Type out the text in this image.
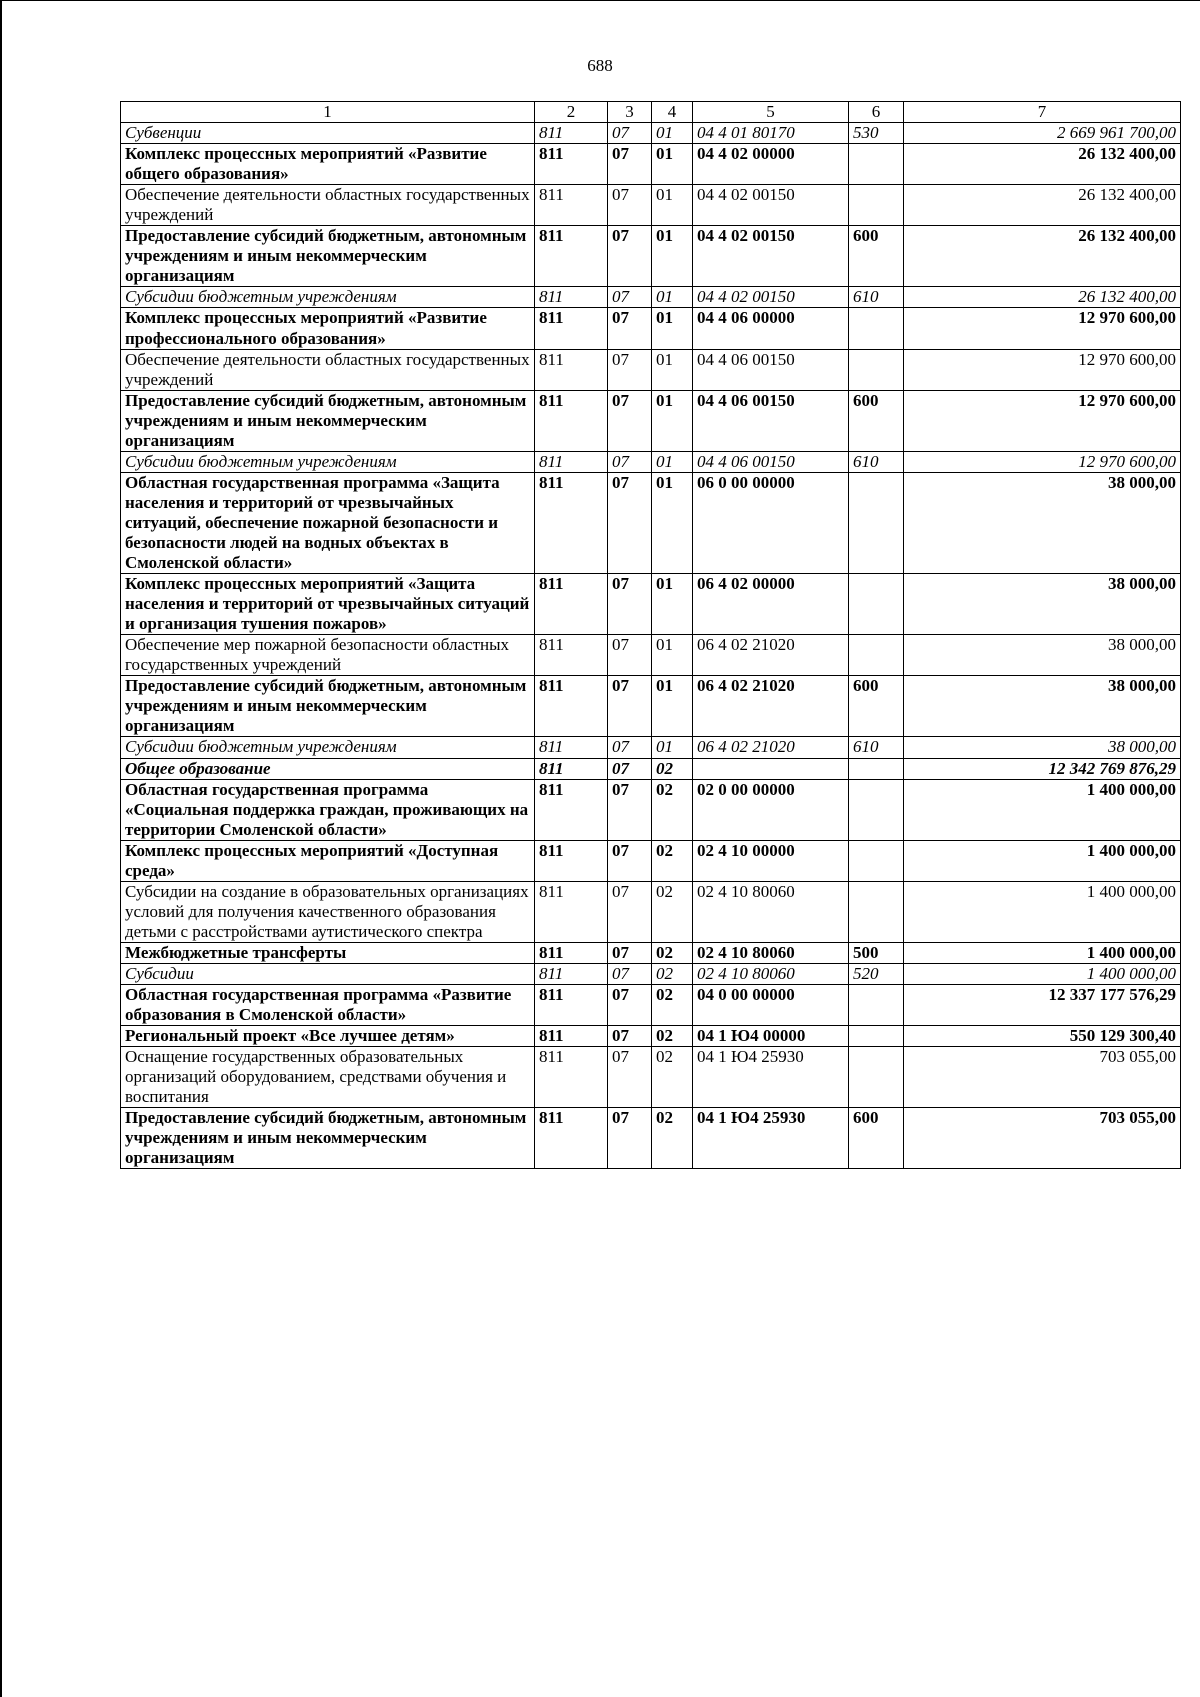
688
1	2	3	4	5	6	7
Субвенции	811	07	01	04 4 01 80170	530	2 669 961 700,00
Комплекс процессных мероприятий «Развитие общего образования»	811	07	01	04 4 02 00000		26 132 400,00
Обеспечение деятельности областных государственных учреждений	811	07	01	04 4 02 00150		26 132 400,00
Предоставление субсидий бюджетным, автономным учреждениям и иным некоммерческим организациям	811	07	01	04 4 02 00150	600	26 132 400,00
Субсидии бюджетным учреждениям	811	07	01	04 4 02 00150	610	26 132 400,00
Комплекс процессных мероприятий «Развитие профессионального образования»	811	07	01	04 4 06 00000		12 970 600,00
Обеспечение деятельности областных государственных учреждений	811	07	01	04 4 06 00150		12 970 600,00
Предоставление субсидий бюджетным, автономным учреждениям и иным некоммерческим организациям	811	07	01	04 4 06 00150	600	12 970 600,00
Субсидии бюджетным учреждениям	811	07	01	04 4 06 00150	610	12 970 600,00
Областная государственная программа «Защита населения и территорий от чрезвычайных ситуаций, обеспечение пожарной безопасности и безопасности людей на водных объектах в Смоленской области»	811	07	01	06 0 00 00000		38 000,00
Комплекс процессных мероприятий «Защита населения и территорий от чрезвычайных ситуаций и организация тушения пожаров»	811	07	01	06 4 02 00000		38 000,00
Обеспечение мер пожарной безопасности областных государственных учреждений	811	07	01	06 4 02 21020		38 000,00
Предоставление субсидий бюджетным, автономным учреждениям и иным некоммерческим организациям	811	07	01	06 4 02 21020	600	38 000,00
Субсидии бюджетным учреждениям	811	07	01	06 4 02 21020	610	38 000,00
Общее образование	811	07	02			12 342 769 876,29
Областная государственная программа «Социальная поддержка граждан, проживающих на территории Смоленской области»	811	07	02	02 0 00 00000		1 400 000,00
Комплекс процессных мероприятий «Доступная среда»	811	07	02	02 4 10 00000		1 400 000,00
Субсидии на создание в образовательных организациях условий для получения качественного образования детьми с расстройствами аутистического спектра	811	07	02	02 4 10 80060		1 400 000,00
Межбюджетные трансферты	811	07	02	02 4 10 80060	500	1 400 000,00
Субсидии	811	07	02	02 4 10 80060	520	1 400 000,00
Областная государственная программа «Развитие образования в Смоленской области»	811	07	02	04 0 00 00000		12 337 177 576,29
Региональный проект «Все лучшее детям»	811	07	02	04 1 Ю4 00000		550 129 300,40
Оснащение государственных образовательных организаций оборудованием, средствами обучения и воспитания	811	07	02	04 1 Ю4 25930		703 055,00
Предоставление субсидий бюджетным, автономным учреждениям и иным некоммерческим организациям	811	07	02	04 1 Ю4 25930	600	703 055,00
